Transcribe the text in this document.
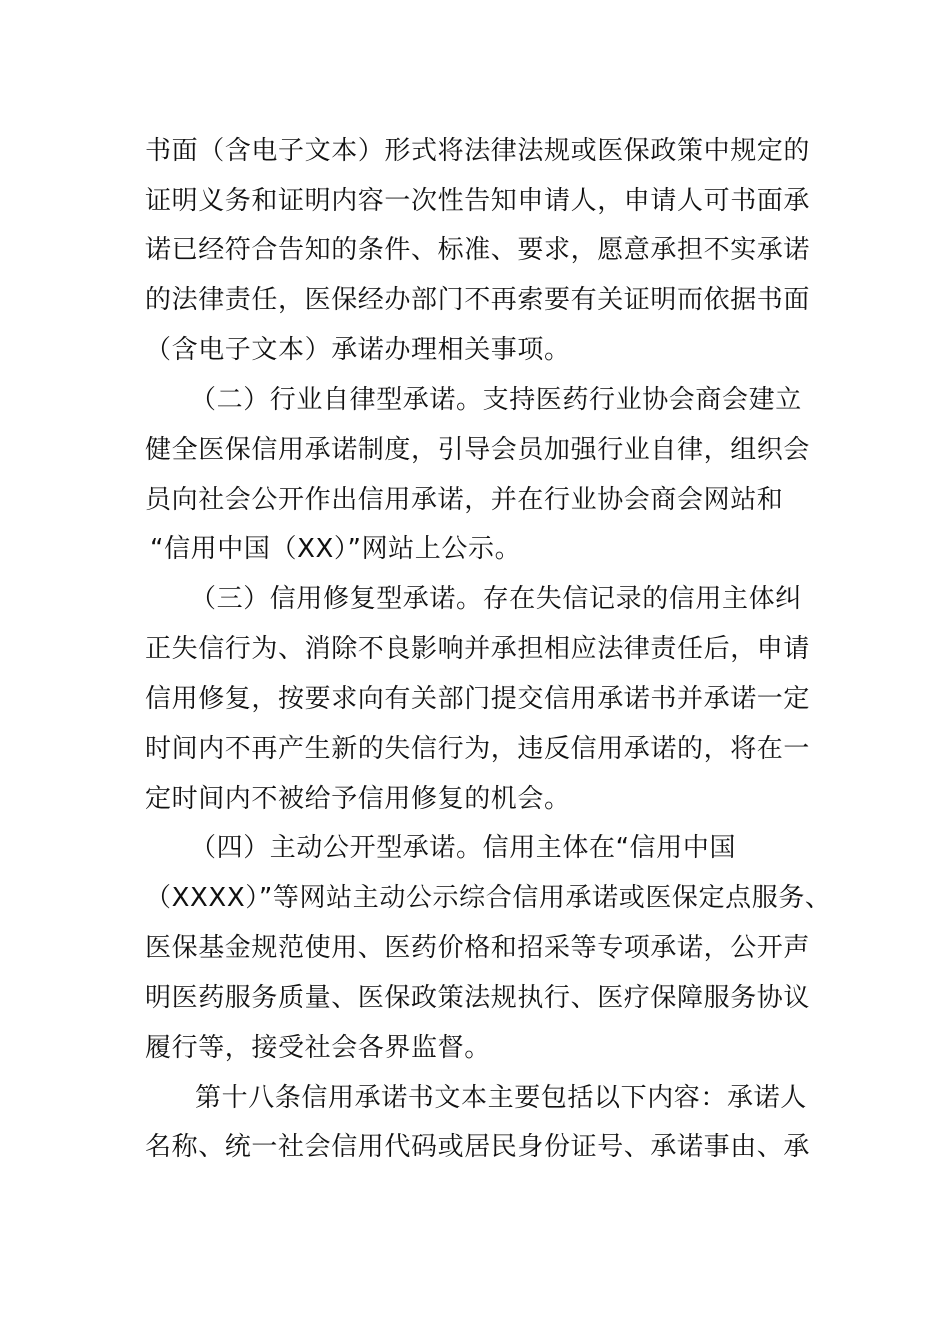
书面（含电子文本）形式将法律法规或医保政策中规定的
证明义务和证明内容一次性告知申请人，申请人可书面承
诺已经符合告知的条件、标准、要求，愿意承担不实承诺
的法律责任，医保经办部门不再索要有关证明而依据书面
（含电子文本）承诺办理相关事项。
（二）行业自律型承诺。支持医药行业协会商会建立
健全医保信用承诺制度，引导会员加强行业自律，组织会
员向社会公开作出信用承诺，并在行业协会商会网站和
“信用中国（XX）”网站上公示。
（三）信用修复型承诺。存在失信记录的信用主体纠
正失信行为、消除不良影响并承担相应法律责任后，申请
信用修复，按要求向有关部门提交信用承诺书并承诺一定
时间内不再产生新的失信行为，违反信用承诺的，将在一
定时间内不被给予信用修复的机会。
（四）主动公开型承诺。信用主体在“信用中国
（XXXX）”等网站主动公示综合信用承诺或医保定点服务、
医保基金规范使用、医药价格和招采等专项承诺，公开声
明医药服务质量、医保政策法规执行、医疗保障服务协议
履行等，接受社会各界监督。
第十八条信用承诺书文本主要包括以下内容：承诺人
名称、统一社会信用代码或居民身份证号、承诺事由、承
